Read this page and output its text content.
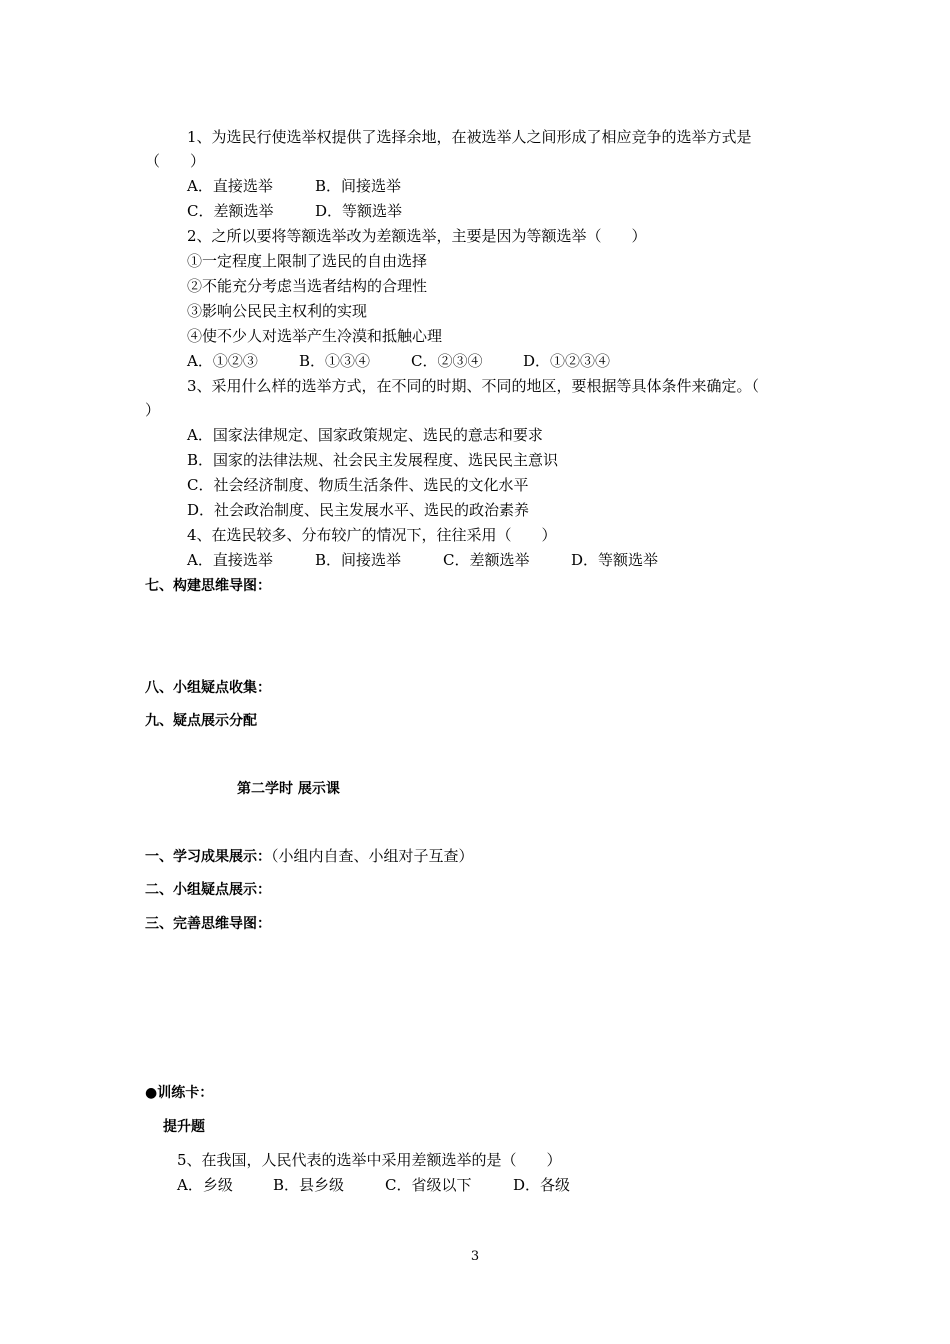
1、为选民行使选举权提供了选择余地，在被选举人之间形成了相应竞争的选举方式是
（　　）
A．直接选举	B．间接选举
C．差额选举	D．等额选举
2、之所以要将等额选举改为差额选举，主要是因为等额选举（　　）
①一定程度上限制了选民的自由选择
②不能充分考虑当选者结构的合理性
③影响公民民主权利的实现
④使不少人对选举产生冷漠和抵触心理
A．①②③	B．①③④	C．②③④	D．①②③④
3、采用什么样的选举方式，在不同的时期、不同的地区，要根据等具体条件来确定。（
）
A．国家法律规定、国家政策规定、选民的意志和要求
B．国家的法律法规、社会民主发展程度、选民民主意识
C．社会经济制度、物质生活条件、选民的文化水平
D．社会政治制度、民主发展水平、选民的政治素养
4、在选民较多、分布较广的情况下，往往采用（　　）
A．直接选举	B．间接选举	C．差额选举	D．等额选举
七、构建思维导图：
八、小组疑点收集：
九、疑点展示分配
第二学时 展示课
一、学习成果展示：（小组内自查、小组对子互查）
二、小组疑点展示：
三、完善思维导图：
●训练卡：
提升题
5、在我国，人民代表的选举中采用差额选举的是（　　）
A．乡级	B．县乡级	C．省级以下	D．各级
3
